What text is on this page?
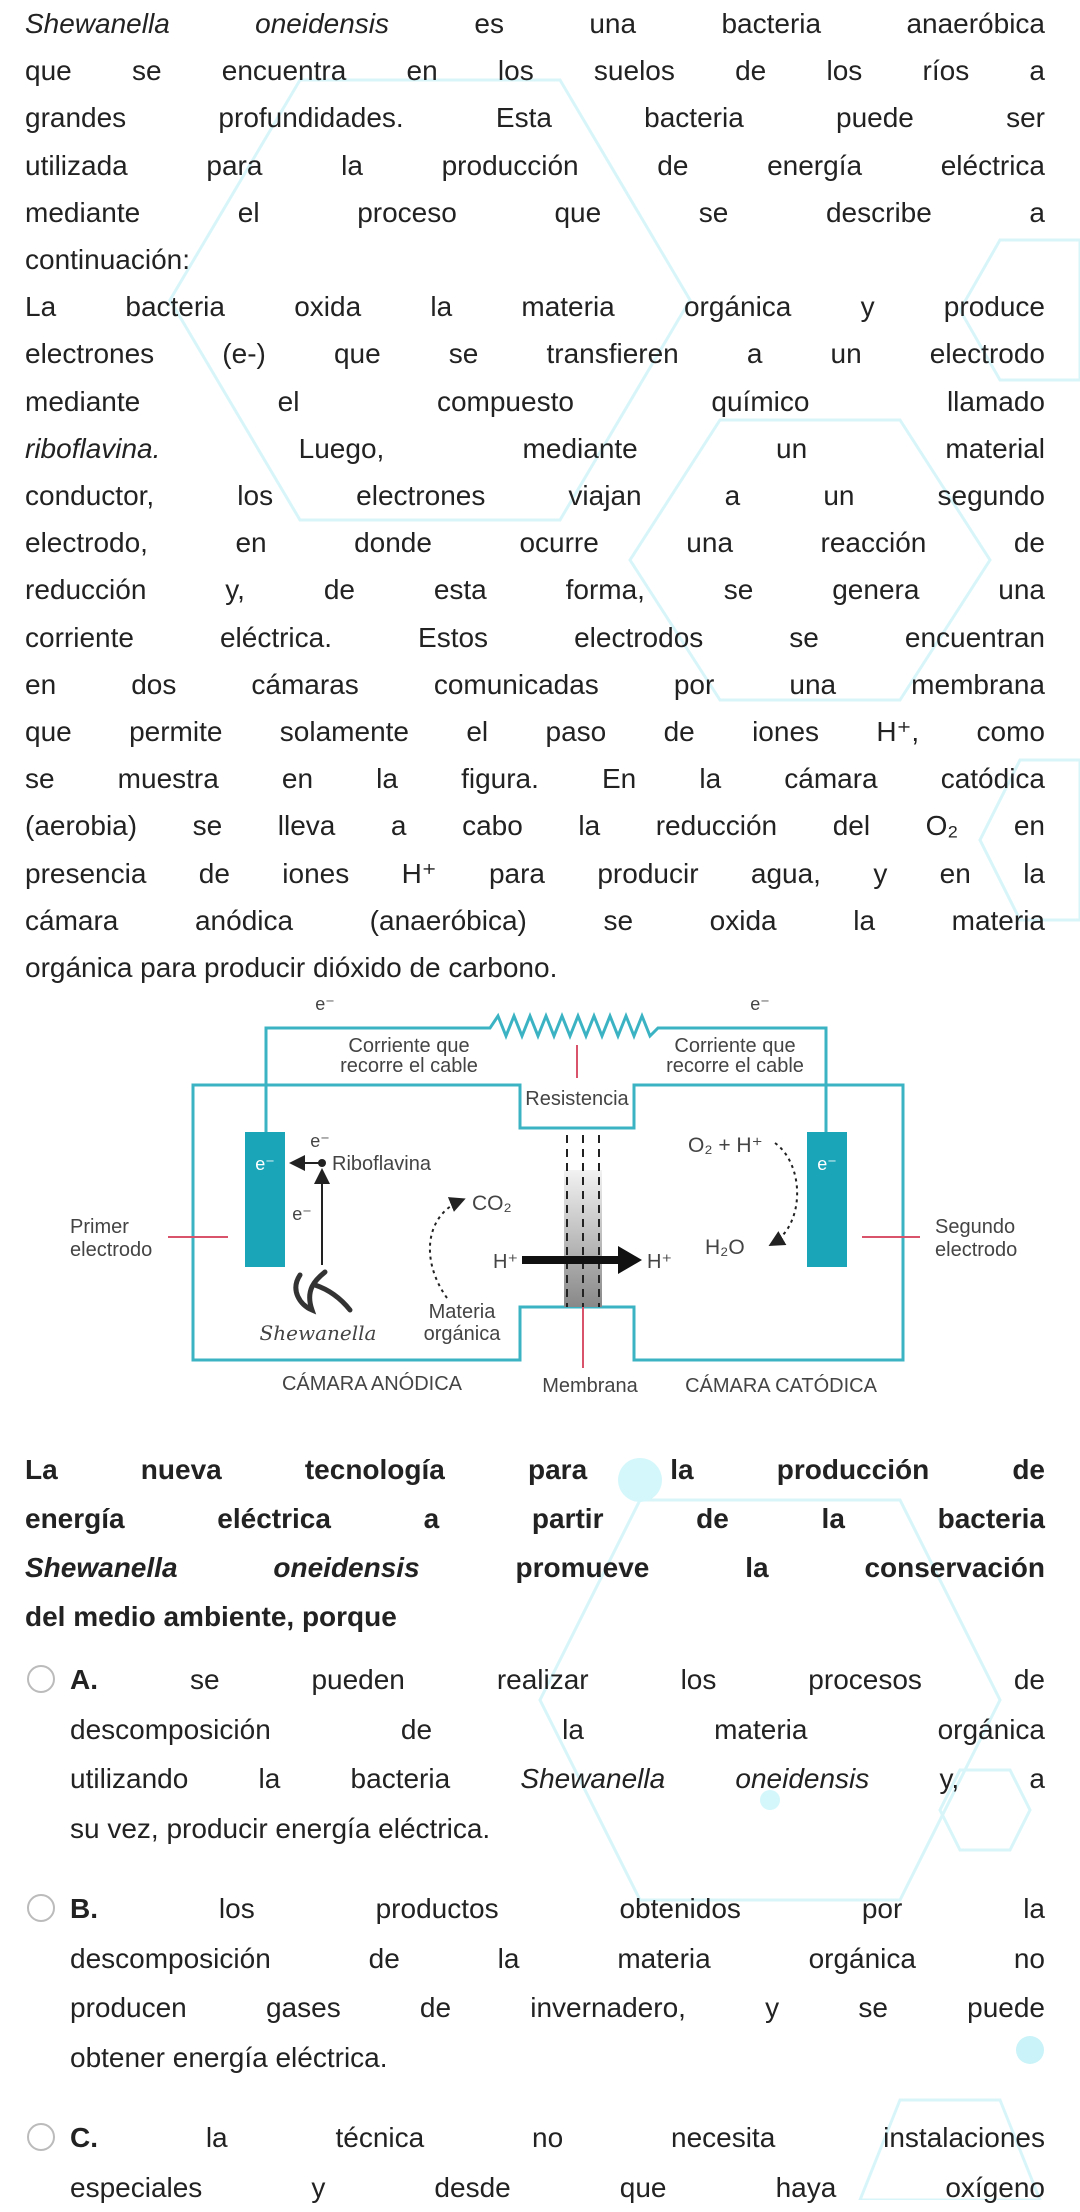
Shewanella oneidensis es una bacteria anaeróbica
que se encuentra en los suelos de los ríos a
grandes profundidades. Esta bacteria puede ser
utilizada para la producción de energía eléctrica
mediante el proceso que se describe a
continuación:
La bacteria oxida la materia orgánica y produce
electrones (e-) que se transfieren a un electrodo
mediante el compuesto químico llamado
riboflavina. Luego, mediante un material
conductor, los electrones viajan a un segundo
electrodo, en donde ocurre una reacción de
reducción y, de esta forma, se genera una
corriente eléctrica. Estos electrodos se encuentran
en dos cámaras comunicadas por una membrana
que permite solamente el paso de iones H⁺, como
se muestra en la figura. En la cámara catódica
(aerobia) se lleva a cabo la reducción del O₂ en
presencia de iones H⁺ para producir agua, y en la
cámara anódica (anaeróbica) se oxida la materia
orgánica para producir dióxido de carbono.
e⁻	e⁻
Corriente que
recorre el cable
Corriente que
recorre el cable
Resistencia
e⁻	e⁻
e⁻
e⁻
Riboflavina
CO₂
H⁺	H⁺
O₂ + H⁺
H₂O
Primer
electrodo
Segundo
electrodo
Materia
orgánica
Shewanella
CÁMARA ANÓDICA	Membrana CÁMARA CATÓDICA
La nueva tecnología para la producción de
energía eléctrica a partir de la bacteria
Shewanella oneidensis promueve la conservación
del medio ambiente, porque
A. se pueden realizar los procesos de
descomposición de la materia orgánica
utilizando la bacteria Shewanella oneidensis y, a
su vez, producir energía eléctrica.
B. los productos obtenidos por la
descomposición de la materia orgánica no
producen gases de invernadero, y se puede
obtener energía eléctrica.
C. la técnica no necesita instalaciones
especiales y desde que haya oxígeno
